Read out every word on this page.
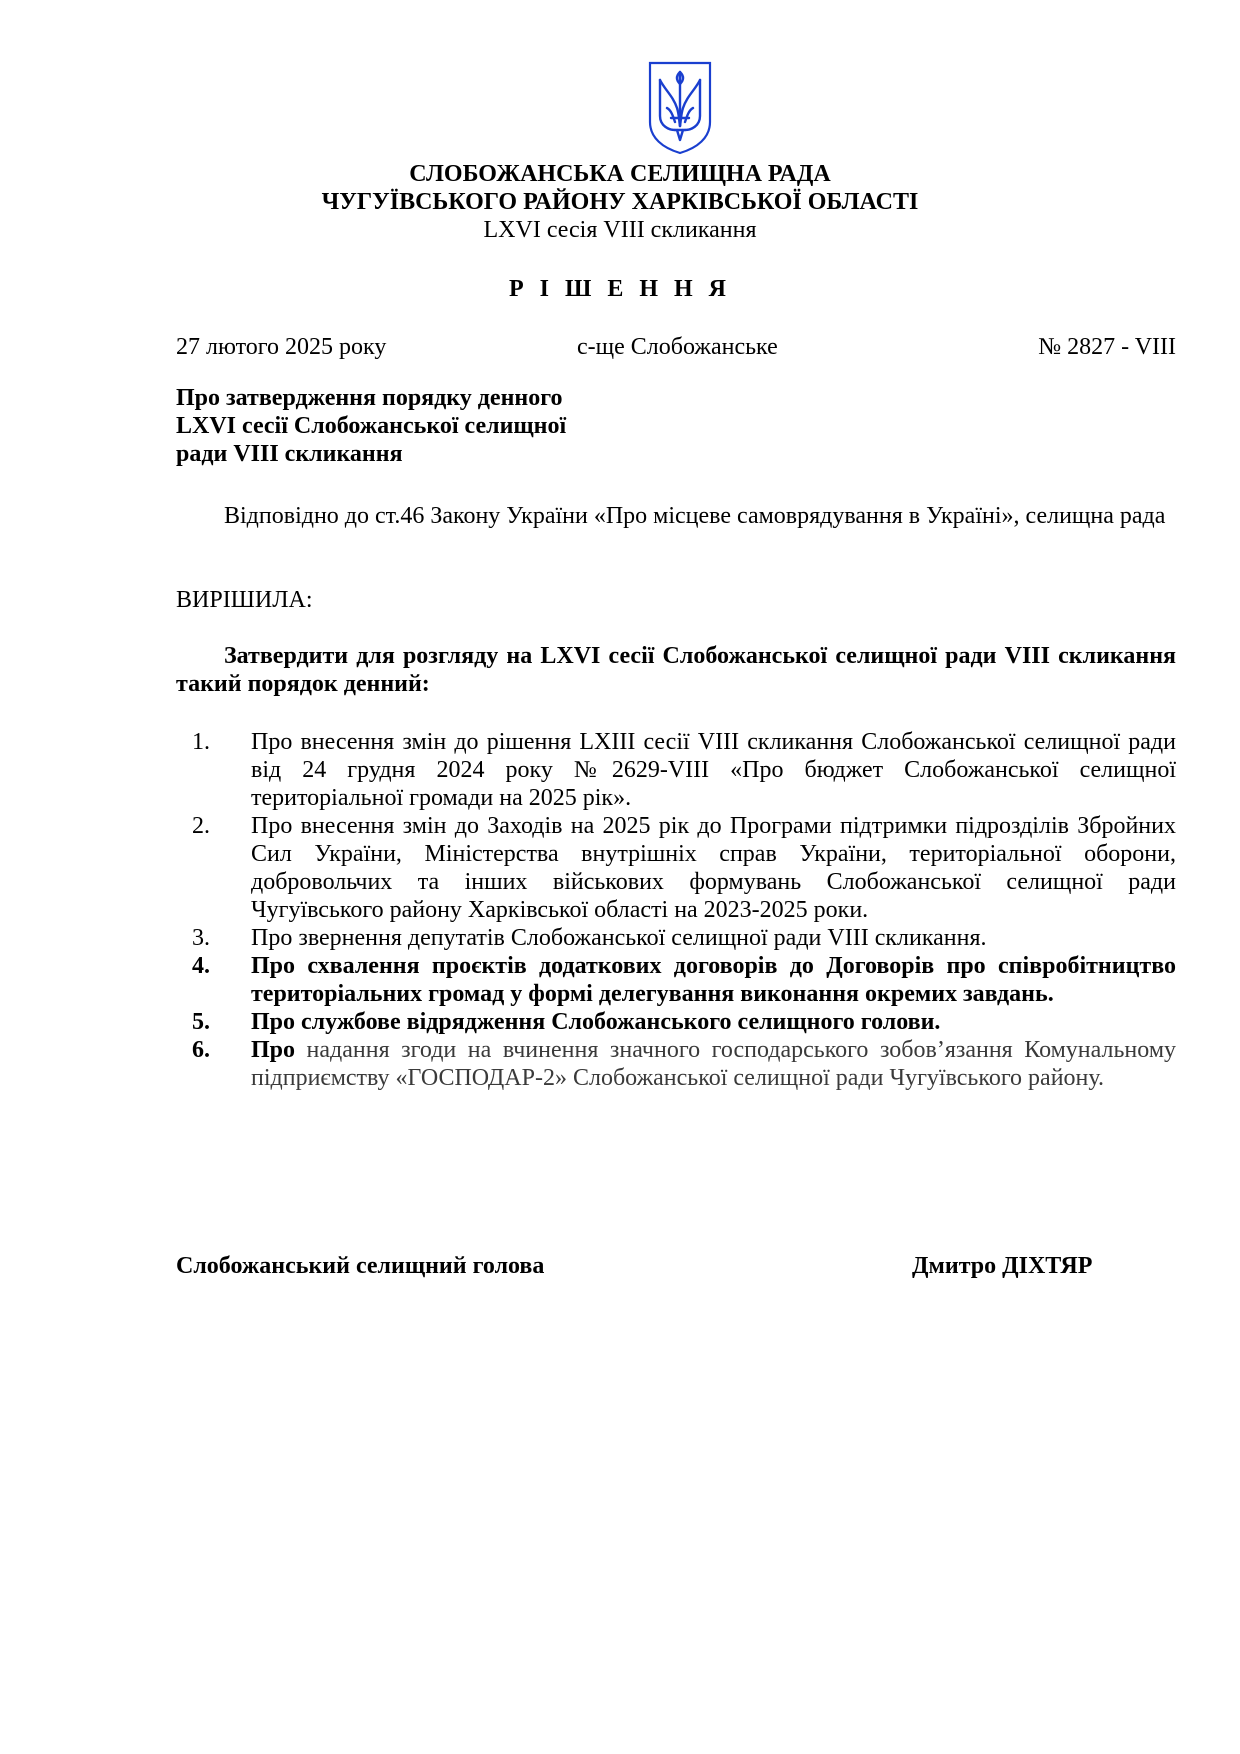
СЛОБОЖАНСЬКА СЕЛИЩНА РАДА
ЧУГУЇВСЬКОГО РАЙОНУ ХАРКІВСЬКОЇ ОБЛАСТІ
LXVI сесія VIII скликання
Р І Ш Е Н Н Я
27 лютого 2025 року	с-ще Слобожанське	№ 2827 - VIII
Про затвердження порядку денного
LXVI сесії Слобожанської селищної
ради VIII скликання
Відповідно до ст.46 Закону України «Про місцеве самоврядування в Україні», селищна рада
ВИРІШИЛА:
Затвердити для розгляду на LXVI сесії Слобожанської селищної ради VIII скликання такий порядок денний:
1.	Про внесення змін до рішення LXIII сесії VIII скликання Слобожанської селищної ради від 24 грудня 2024 року №2629-VIII «Про бюджет Слобожанської селищної територіальної громади на 2025 рік».
2.	Про внесення змін до Заходів на 2025 рік до Програми підтримки підрозділів Збройних Сил України, Міністерства внутрішніх справ України, територіальної оборони, добровольчих та інших військових формувань Слобожанської селищної ради Чугуївського району Харківської області на 2023-2025 роки.
3.	Про звернення депутатів Слобожанської селищної ради VIII скликання.
4.	Про схвалення проєктів додаткових договорів до Договорів про співробітництво територіальних громад у формі делегування виконання окремих завдань.
5.	Про службове відрядження Слобожанського селищного голови.
6.	Про надання згоди на вчинення значного господарського зобов’язання Комунальному підприємству «ГОСПОДАР-2» Слобожанської селищної ради Чугуївського району.
Слобожанський селищний голова	Дмитро ДІХТЯР
